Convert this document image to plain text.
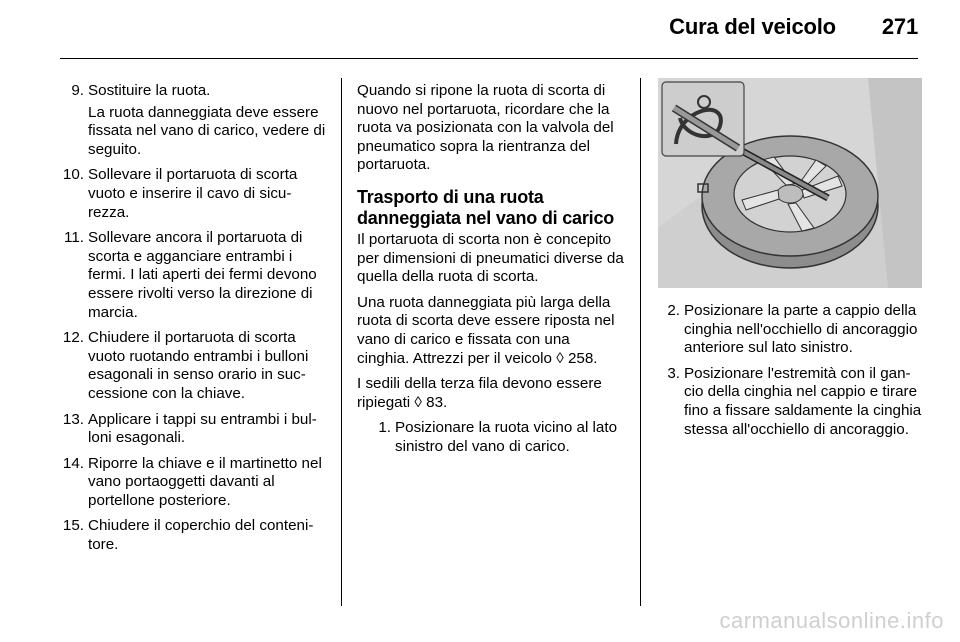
Cura del veicolo 271
9. Sostituire la ruota.

La ruota danneggiata deve essere fissata nel vano di carico, vedere di seguito.

10. Sollevare il portaruota di scorta vuoto e inserire il cavo di sicurezza.
11. Sollevare ancora il portaruota di scorta e agganciare entrambi i fermi. I lati aperti dei fermi devono essere rivolti verso la direzione di marcia.
12. Chiudere il portaruota di scorta vuoto ruotando entrambi i bulloni esagonali in senso orario in successione con la chiave.
13. Applicare i tappi su entrambi i bulloni esagonali.
14. Riporre la chiave e il martinetto nel vano portaoggetti davanti al portellone posteriore.
15. Chiudere il coperchio del contenitore.

Quando si ripone la ruota di scorta di nuovo nel portaruota, ricordare che la ruota va posizionata con la valvola del pneumatico sopra la rientranza del portaruota.

Trasporto di una ruota danneggiata nel vano di carico

Il portaruota di scorta non è concepito per dimensioni di pneumatici diverse da quella della ruota di scorta.

Una ruota danneggiata più larga della ruota di scorta deve essere riposta nel vano di carico e fissata con una cinghia. Attrezzi per il veicolo ◊ 258.

I sedili della terza fila devono essere ripiegati ◊ 83.

1. Posizionare la ruota vicino al lato sinistro del vano di carico.
2. Posizionare la parte a cappio della cinghia nell'occhiello di ancoraggio anteriore sul lato sinistro.
3. Posizionare l'estremità con il gancio della cinghia nel cappio e tirare fino a fissare saldamente la cinghia stessa all'occhiello di ancoraggio.
carmanualsonline.info
